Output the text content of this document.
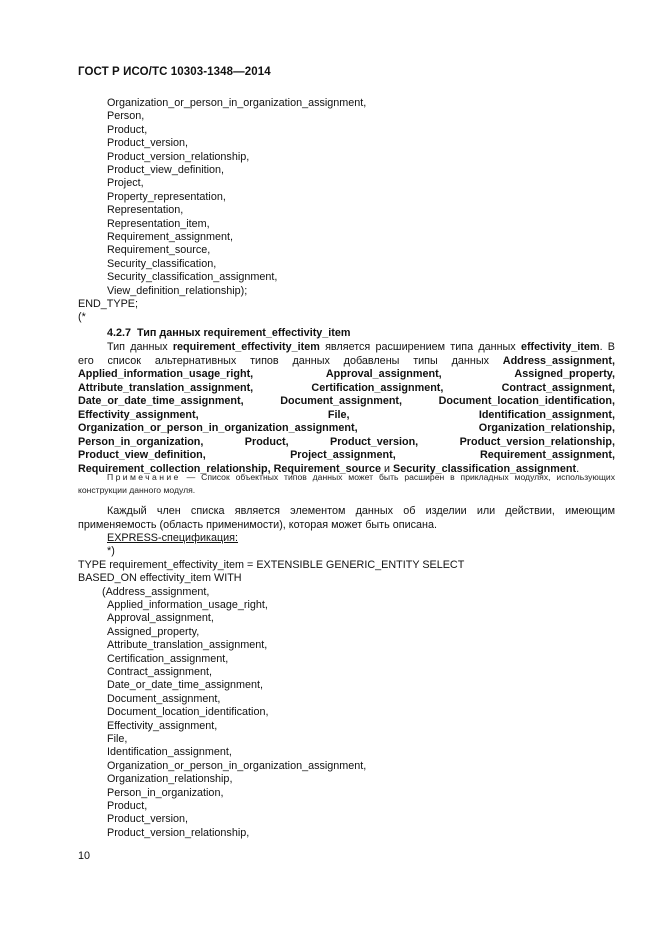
ГОСТ Р ИСО/ТС 10303-1348—2014
Organization_or_person_in_organization_assignment,
Person,
Product,
Product_version,
Product_version_relationship,
Product_view_definition,
Project,
Property_representation,
Representation,
Representation_item,
Requirement_assignment,
Requirement_source,
Security_classification,
Security_classification_assignment,
View_definition_relationship);
END_TYPE;
(*
4.2.7 Тип данных requirement_effectivity_item
Тип данных requirement_effectivity_item является расширением типа данных effectivity_item. В его список альтернативных типов данных добавлены типы данных Address_assignment, Applied_information_usage_right, Approval_assignment, Assigned_property, Attribute_translation_assignment, Certification_assignment, Contract_assignment, Date_or_date_time_assignment, Document_assignment, Document_location_identification, Effectivity_assignment, File, Identification_assignment, Organization_or_person_in_organization_assignment, Organization_relationship, Person_in_organization, Product, Product_version, Product_version_relationship, Product_view_definition, Project_assignment, Requirement_assignment, Requirement_collection_relationship, Requirement_source и Security_classification_assignment.
Примечание — Список объектных типов данных может быть расширен в прикладных модулях, использующих конструкции данного модуля.
Каждый член списка является элементом данных об изделии или действии, имеющим применяемость (область применимости), которая может быть описана.
EXPRESS-спецификация:
*)
TYPE requirement_effectivity_item = EXTENSIBLE GENERIC_ENTITY SELECT
BASED_ON effectivity_item WITH
(Address_assignment,
Applied_information_usage_right,
Approval_assignment,
Assigned_property,
Attribute_translation_assignment,
Certification_assignment,
Contract_assignment,
Date_or_date_time_assignment,
Document_assignment,
Document_location_identification,
Effectivity_assignment,
File,
Identification_assignment,
Organization_or_person_in_organization_assignment,
Organization_relationship,
Person_in_organization,
Product,
Product_version,
Product_version_relationship,
10
